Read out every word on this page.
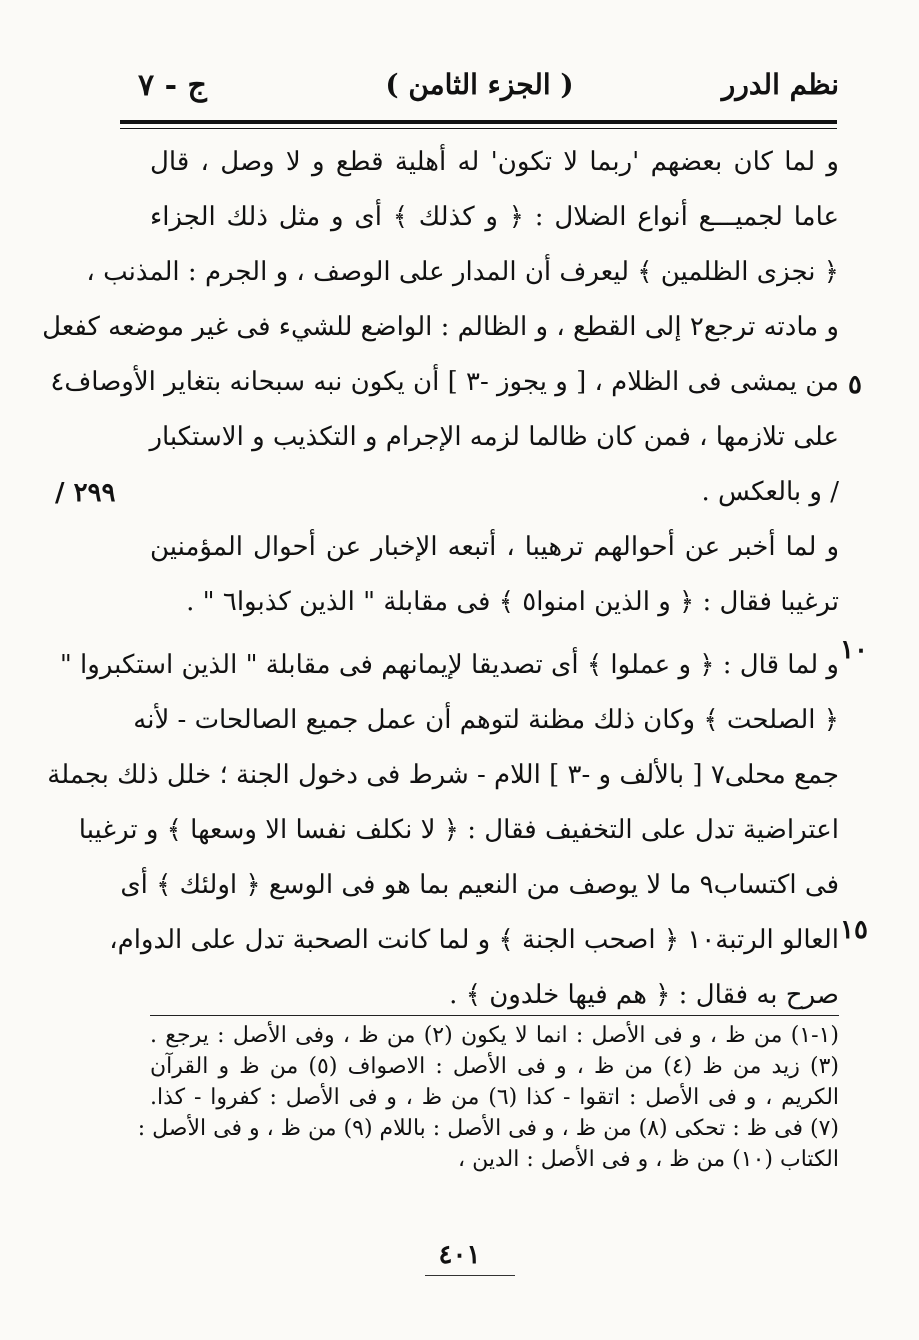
نظم الدرر
( الجزء الثامن )
ج - ٧
و لما كان بعضهم 'ربما لا تكون' له أهلية قطع و لا وصل ، قال
عاما لجميـــع أنواع الضلال : ﴿ و كذلك ﴾ أى و مثل ذلك الجزاء
﴿ نجزى الظلمين ﴾ ليعرف أن المدار على الوصف ، و الجرم : المذنب ،
و مادته ترجع٢ إلى القطع ، و الظالم : الواضع للشيء فى غير موضعه كفعل
من يمشى فى الظلام ، [ و يجوز -٣ ] أن يكون نبه سبحانه بتغاير الأوصاف٤
على تلازمها ، فمن كان ظالما لزمه الإجرام و التكذيب و الاستكبار
/ و بالعكس .
و لما أخبر عن أحوالهم ترهيبا ، أتبعه الإخبار عن أحوال المؤمنين
ترغيبا فقال : ﴿ و الذين امنوا٥ ﴾ فى مقابلة " الذين كذبوا٦ " .
و لما قال : ﴿ و عملوا ﴾ أى تصديقا لإيمانهم فى مقابلة " الذين استكبروا "
﴿ الصلحت ﴾ وكان ذلك مظنة لتوهم أن عمل جميع الصالحات - لأنه
جمع محلى٧ [ بالألف و -٣ ] اللام - شرط فى دخول الجنة ؛ خلل ذلك بجملة
اعتراضية تدل على التخفيف فقال : ﴿ لا نكلف نفسا الا وسعها ﴾ و ترغيبا
فى اكتساب٩ ما لا يوصف من النعيم بما هو فى الوسع ﴿ اولئك ﴾ أى
العالو الرتبة١٠ ﴿ اصحب الجنة ﴾ و لما كانت الصحبة تدل على الدوام،
صرح به فقال : ﴿ هم فيها خلدون ﴾ .
٥
/ ٢٩٩
١٠
١٥
(١-١) من ظ ، و فى الأصل : انما لا يكون (٢) من ظ ، وفى الأصل : يرجع .
(٣) زيد من ظ (٤) من ظ ، و فى الأصل : الاصواف (٥) من ظ و القرآن
الكريم ، و فى الأصل : اتقوا - كذا (٦) من ظ ، و فى الأصل : كفروا - كذا.
(٧) فى ظ : تحكى (٨) من ظ ، و فى الأصل : باللام (٩) من ظ ، و فى الأصل :
الكتاب (١٠) من ظ ، و فى الأصل : الدين ،
٤٠١
